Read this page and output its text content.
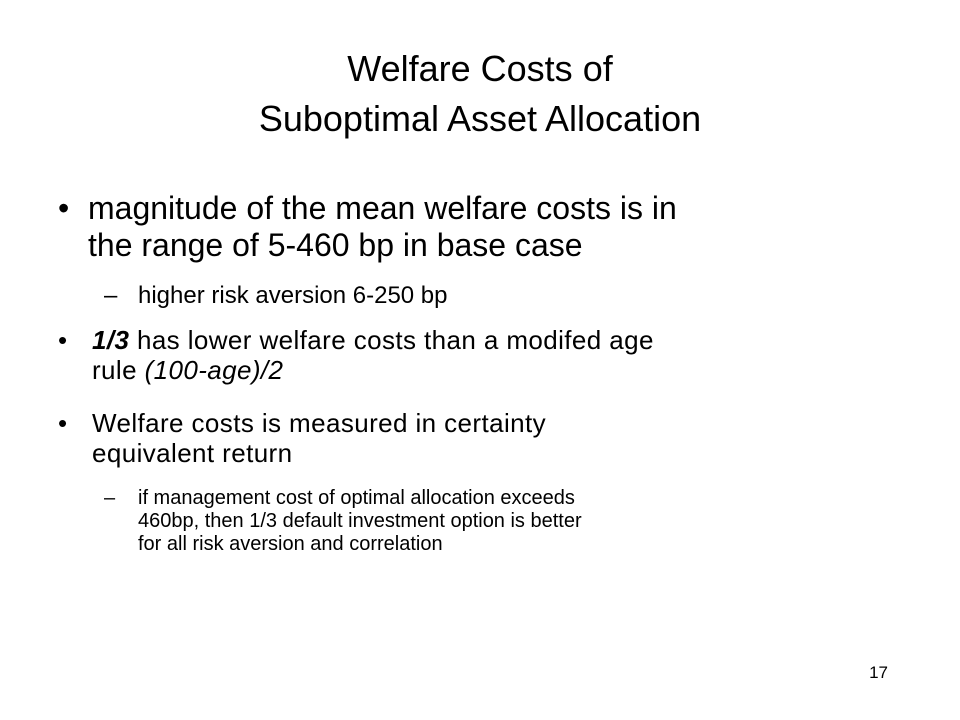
Welfare Costs of
Suboptimal Asset Allocation
• magnitude of the mean welfare costs is in
the range of 5-460 bp in base case
– higher risk aversion 6-250 bp
• 1/3 has lower welfare costs than a modifed age
rule (100-age)/2
• Welfare costs is measured in certainty
equivalent return
–	if management cost of optimal allocation exceeds
460bp, then 1/3 default investment option is better
for all risk aversion and correlation
17
